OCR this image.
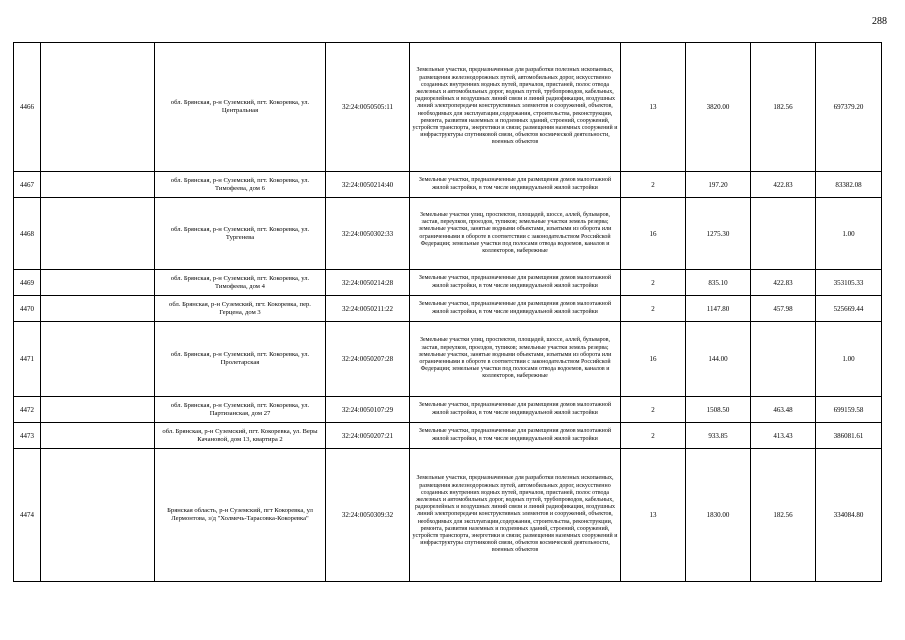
288
4466		обл. Брянская, р-н Суземский, пгт. Кокоревка, ул. Центральная	32:24:0050505:11	Земельные участки, предназначенные для разработки полезных ископаемых, размещения железнодорожных путей, автомобильных дорог, искусственно созданных внутренних водных путей, причалов, пристаней, полос отвода железных и автомобильных дорог, водных путей, трубопроводов, кабельных, радиорелейных и воздушных линий связи и линий радиофикации, воздушных линий электропередачи конструктивных элементов и сооружений, объектов, необходимых для эксплуатации,содержания, строительства, реконструкции, ремонта, развития наземных и подземных зданий, строений, сооружений, устройств транспорта, энергетики и связи; размещения наземных сооружений и инфраструктуры спутниковой связи, объектов космической деятельности, военных объектов	13	3820.00	182.56	697379.20
4467		обл. Брянская, р-н Суземский, пгт. Кокоревка, ул. Тимофеева, дом 6	32:24:0050214:40	Земельные участки, предназначенные для размещения домов малоэтажной жилой застройки, в том числе индивидуальной жилой застройки	2	197.20	422.83	83382.08
4468		обл. Брянская, р-н Суземский, пгт. Кокоревка, ул. Тургенева	32:24:0050302:33	Земельные участки улиц, проспектов, площадей, шоссе, аллей, бульваров, застав, переулков, проездов, тупиков; земельные участки земель резерва; земельные участки, занятые водными объектами, изъятыми из оборота или ограниченными в обороте в соответствии с законодательством Российской Федерации; земельные участки под полосами отвода водоемов, каналов и коллекторов, набережные	16	1275.30		1.00
4469		обл. Брянская, р-н Суземский, пгт. Кокоревка, ул. Тимофеева, дом 4	32:24:0050214:28	Земельные участки, предназначенные для размещения домов малоэтажной жилой застройки, в том числе индивидуальной жилой застройки	2	835.10	422.83	353105.33
4470		обл. Брянская, р-н Суземский, пгт. Кокоревка, пер. Герцена, дом 3	32:24:0050211:22	Земельные участки, предназначенные для размещения домов малоэтажной жилой застройки, в том числе индивидуальной жилой застройки	2	1147.80	457.98	525669.44
4471		обл. Брянская, р-н Суземский, пгт. Кокоревка, ул. Пролетарская	32:24:0050207:28	Земельные участки улиц, проспектов, площадей, шоссе, аллей, бульваров, застав, переулков, проездов, тупиков; земельные участки земель резерва; земельные участки, занятые водными объектами, изъятыми из оборота или ограниченными в обороте в соответствии с законодательством Российской Федерации; земельные участки под полосами отвода водоемов, каналов и коллекторов, набережные	16	144.00		1.00
4472		обл. Брянская, р-н Суземский, пгт. Кокоревка, ул. Партизанская, дом 27	32:24:0050107:29	Земельные участки, предназначенные для размещения домов малоэтажной жилой застройки, в том числе индивидуальной жилой застройки	2	1508.50	463.48	699159.58
4473		обл. Брянская, р-н Суземский, пгт. Кокоревка, ул. Веры Качановой, дом 13, квартира 2	32:24:0050207:21	Земельные участки, предназначенные для размещения домов малоэтажной жилой застройки, в том числе индивидуальной жилой застройки	2	933.85	413.43	386081.61
4474		Брянская область, р-н Суземский, пгт Кокоревка, ул Лермонтова, з/д "Холмечь-Тарасовка-Кокоревка"	32:24:0050309:32	Земельные участки, предназначенные для разработки полезных ископаемых, размещения железнодорожных путей, автомобильных дорог, искусственно созданных внутренних водных путей, причалов, пристаней, полос отвода железных и автомобильных дорог, водных путей, трубопроводов, кабельных, радиорелейных и воздушных линий связи и линий радиофикации, воздушных линий электропередачи конструктивных элементов и сооружений, объектов, необходимых для эксплуатации,содержания, строительства, реконструкции, ремонта, развития наземных и подземных зданий, строений, сооружений, устройств транспорта, энергетики и связи; размещения наземных сооружений и инфраструктуры спутниковой связи, объектов космической деятельности, военных объектов	13	1830.00	182.56	334084.80
